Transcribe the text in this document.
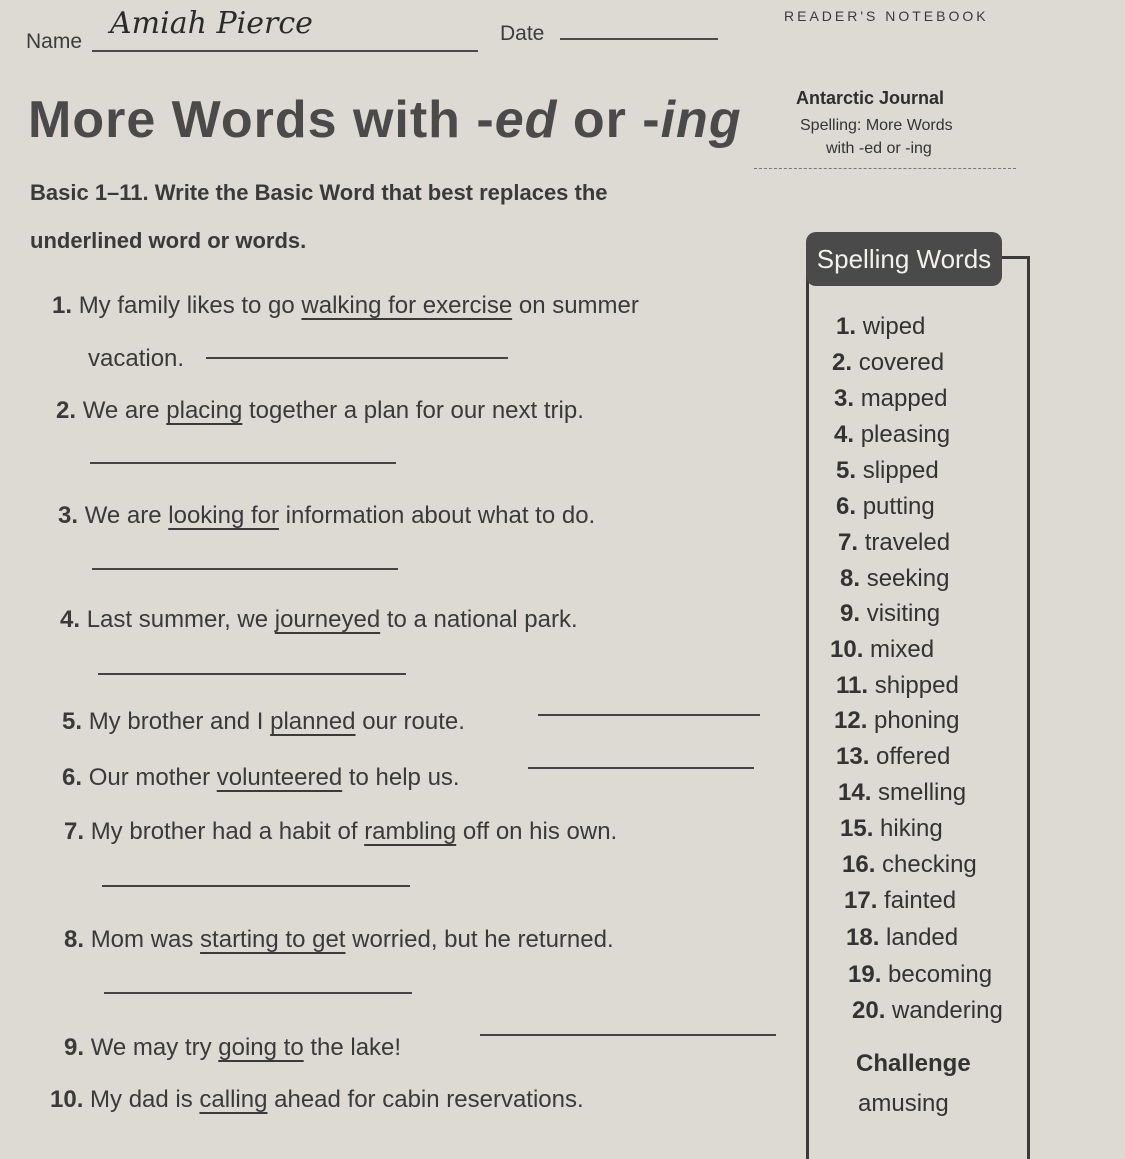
Name
Amiah Pierce	Date
READER'S NOTEBOOK
More Words with -ed or -ing	Antarctic Journal
Spelling: More Words
with -ed or -ing
Basic 1–11. Write the Basic Word that best replaces the
underlined word or words.
1. My family likes to go walking for exercise on summer
vacation.
2. We are placing together a plan for our next trip.
3. We are looking for information about what to do.
4. Last summer, we journeyed to a national park.
5. My brother and I planned our route.
6. Our mother volunteered to help us.
7. My brother had a habit of rambling off on his own.
8. Mom was starting to get worried, but he returned.
9. We may try going to the lake!
10. My dad is calling ahead for cabin reservations.
Spelling Words
1. wiped
2. covered
3. mapped
4. pleasing
5. slipped
6. putting
7. traveled
8. seeking
9. visiting
10. mixed
11. shipped
12. phoning
13. offered
14. smelling
15. hiking
16. checking
17. fainted
18. landed
19. becoming
20. wandering
Challenge
amusing
